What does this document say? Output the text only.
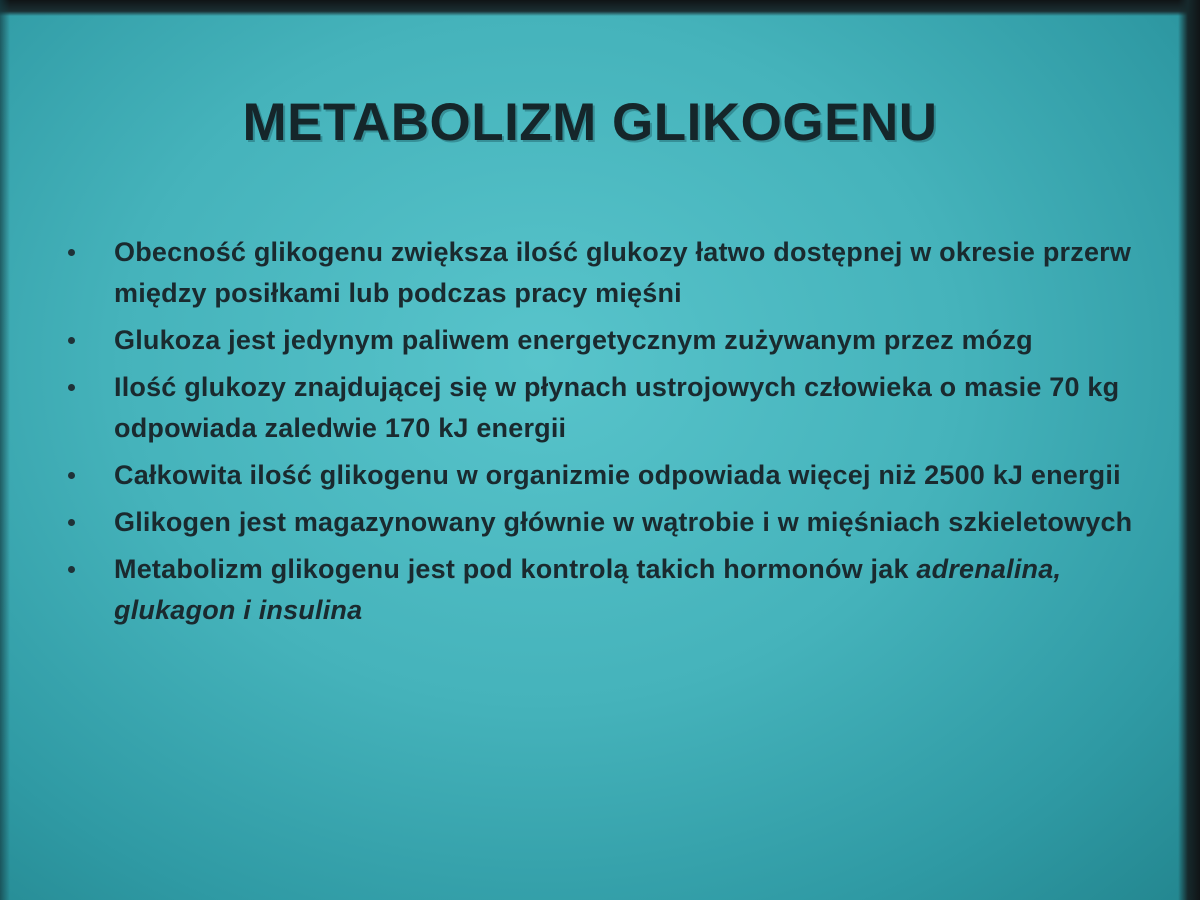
METABOLIZM GLIKOGENU
Obecność glikogenu zwiększa ilość glukozy łatwo dostępnej w okresie przerw między posiłkami lub podczas pracy mięśni
Glukoza jest jedynym paliwem energetycznym zużywanym przez mózg
Ilość glukozy znajdującej się w płynach ustrojowych człowieka o masie 70 kg odpowiada zaledwie 170 kJ energii
Całkowita ilość glikogenu w organizmie odpowiada więcej niż 2500 kJ energii
Glikogen jest magazynowany głównie w wątrobie i w mięśniach szkieletowych
Metabolizm glikogenu jest pod kontrolą takich hormonów jak adrenalina, glukagon i insulina
